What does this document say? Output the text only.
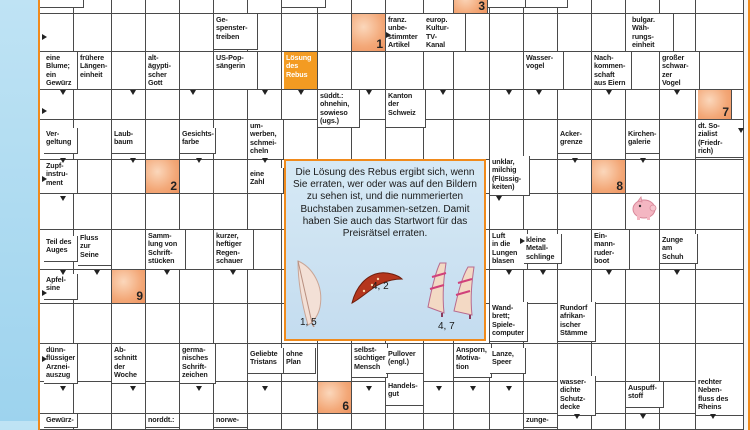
Ge-
spenster-
treiben
franz.
unbe-
stimmter
Artikel
europ.
Kultur-
TV-
Kanal
bulgar.
Wäh-
rungs-
einheit
eine
Blume;
ein
Gewürz
frühere
Längen-
einheit
alt-
ägypti-
scher
Gott
US-Pop-
sängerin
Lösung
des
Rebus
Wasser-
vogel
Nach-
kommen-
schaft
aus Eiern
großer
schwar-
zer
Vogel
süddt.:
ohnehin,
sowieso
(ugs.)
Kanton
der
Schweiz
Ver-
geltung
Laub-
baum
Gesichts-
farbe
um-
werben,
schmei-
cheln
Acker-
grenze
Kirchen-
galerie
dt. So-
zialist
(Friedr-
rich)
Zupf-
instru-
ment
eine
Zahl
unklar,
milchig
(Flüssig-
keiten)
Teil des
Auges
Fluss
zur
Seine
Samm-
lung von
Schrift-
stücken
kurzer,
heftiger
Regen-
schauer
Luft
in die
Lungen
blasen
kleine
Metall-
schlinge
Ein-
mann-
ruder-
boot
Zunge
am
Schuh
Apfel-
sine
Wand-
brett;
Spiele-
computer
Rundorf
afrikan-
ischer
Stämme
dünn-
flüssiger
Arznei-
auszug
Ab-
schnitt
der
Woche
germa-
nisches
Schrift-
zeichen
Geliebte
Tristans
ohne
Plan
selbst-
süchtiger
Mensch
Pullover
(engl.)
Ansporn,
Motiva-
tion
Lanze,
Speer
Handels-
gut
wasser-
dichte
Schutz-
decke
Auspuff-
stoff
rechter
Neben-
fluss des
Rheins
Gewürz-	norddt.:	norwe-	zunge-
1
2
3
6
7
8
9
Die Lösung des Rebus ergibt sich, wenn Sie erraten, wer oder was auf den Bildern zu sehen ist, und die nummerierten Buchstaben zusammen-setzen. Damit haben Sie auch das Startwort für das Preisrätsel erraten.
1, 5
4, 2
4, 7
